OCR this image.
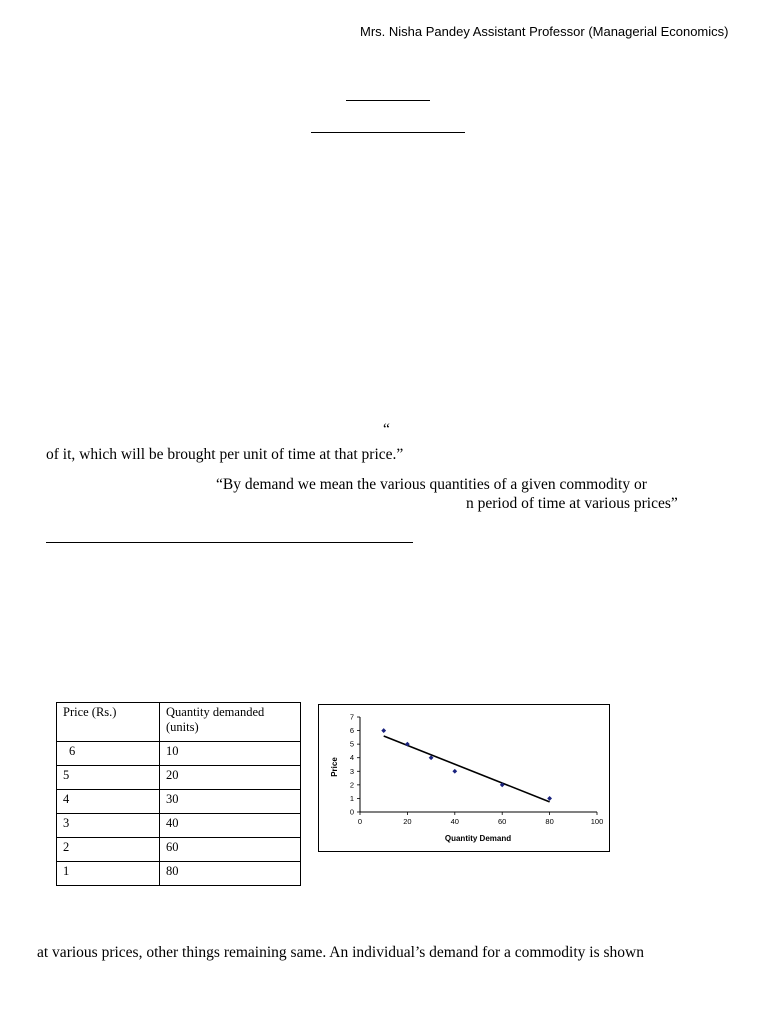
Mrs. Nisha Pandey Assistant Professor (Managerial Economics)
“
of it, which will be brought per unit of time at that price.”
“By demand we mean the various quantities of a given commodity or
n period of time at various prices”
Price (Rs.)	Quantity demanded (units)
6	10
5	20
4	30
3	40
2	60
1	80
0
1
2
3
4
5
6
7
0	20	40	60	80	100
Price
Quantity Demand
at various prices, other things remaining same. An individual’s demand for a commodity is shown
